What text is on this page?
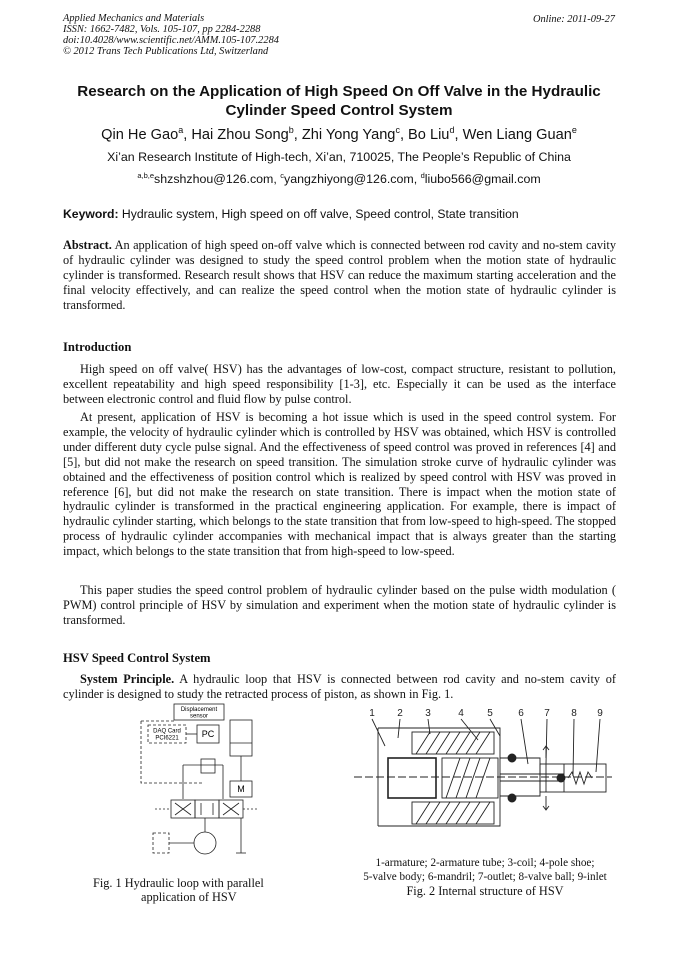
Applied Mechanics and Materials
ISSN: 1662-7482, Vols. 105-107, pp 2284-2288
doi:10.4028/www.scientific.net/AMM.105-107.2284
© 2012 Trans Tech Publications Ltd, Switzerland
Online: 2011-09-27
Research on the Application of High Speed On Off Valve in the Hydraulic
Cylinder Speed Control System
Qin He Gao$^a$, Hai Zhou Song$^b$, Zhi Yong Yang$^c$, Bo Liu$^d$, Wen Liang Guan$^e$
Xi’an Research Institute of High-tech, Xi’an, 710025, The People’s Republic of China
$^{a,b,e}$shzshzhou@126.com, $^c$yangzhiyong@126.com, $^d$liubo566@gmail.com
Keyword: Hydraulic system, High speed on off valve, Speed control, State transition
Abstract. An application of high speed on-off valve which is connected between rod cavity and no-stem cavity of hydraulic cylinder was designed to study the speed control problem when the motion state of hydraulic cylinder is transformed. Research result shows that HSV can reduce the maximum starting acceleration and the final velocity effectively, and can realize the speed control when the motion state of hydraulic cylinder is transformed.
Introduction
High speed on off valve( HSV) has the advantages of low-cost, compact structure, resistant to pollution, excellent repeatability and high speed responsibility [1-3], etc. Especially it can be used as the interface between electronic control and fluid flow by pulse control.
At present, application of HSV is becoming a hot issue which is used in the speed control system. For example, the velocity of hydraulic cylinder which is controlled by HSV was obtained, which HSV is controlled under different duty cycle pulse signal. And the effectiveness of speed control was proved in references [4] and [5], but did not make the research on speed transition. The simulation stroke curve of hydraulic cylinder was obtained and the effectiveness of position control which is realized by speed control with HSV was proved in reference [6], but did not make the research on state transition. There is impact when the motion state of hydraulic cylinder is transformed in the practical engineering application. For example, there is impact of hydraulic cylinder starting, which belongs to the state transition that from low-speed to high-speed. The stopped process of hydraulic cylinder accompanies with mechanical impact that is always greater than the starting impact, which belongs to the state transition that from high-speed to low-speed.
This paper studies the speed control problem of hydraulic cylinder based on the pulse width modulation ( PWM) control principle of HSV by simulation and experiment when the motion state of hydraulic cylinder is transformed.
HSV Speed Control System
System Principle. A hydraulic loop that HSV is connected between rod cavity and no-stem cavity of cylinder is designed to study the retracted process of piston, as shown in Fig. 1.
Displacement
sensor
DAQ Card
PCI6221	PC
M
Fig. 1 Hydraulic loop with parallel
application of HSV
1 2 3	4 5	6 7 8 9
1-armature; 2-armature tube; 3-coil; 4-pole shoe;
5-valve body; 6-mandril; 7-outlet; 8-valve ball; 9-inlet
Fig. 2 Internal structure of HSV
